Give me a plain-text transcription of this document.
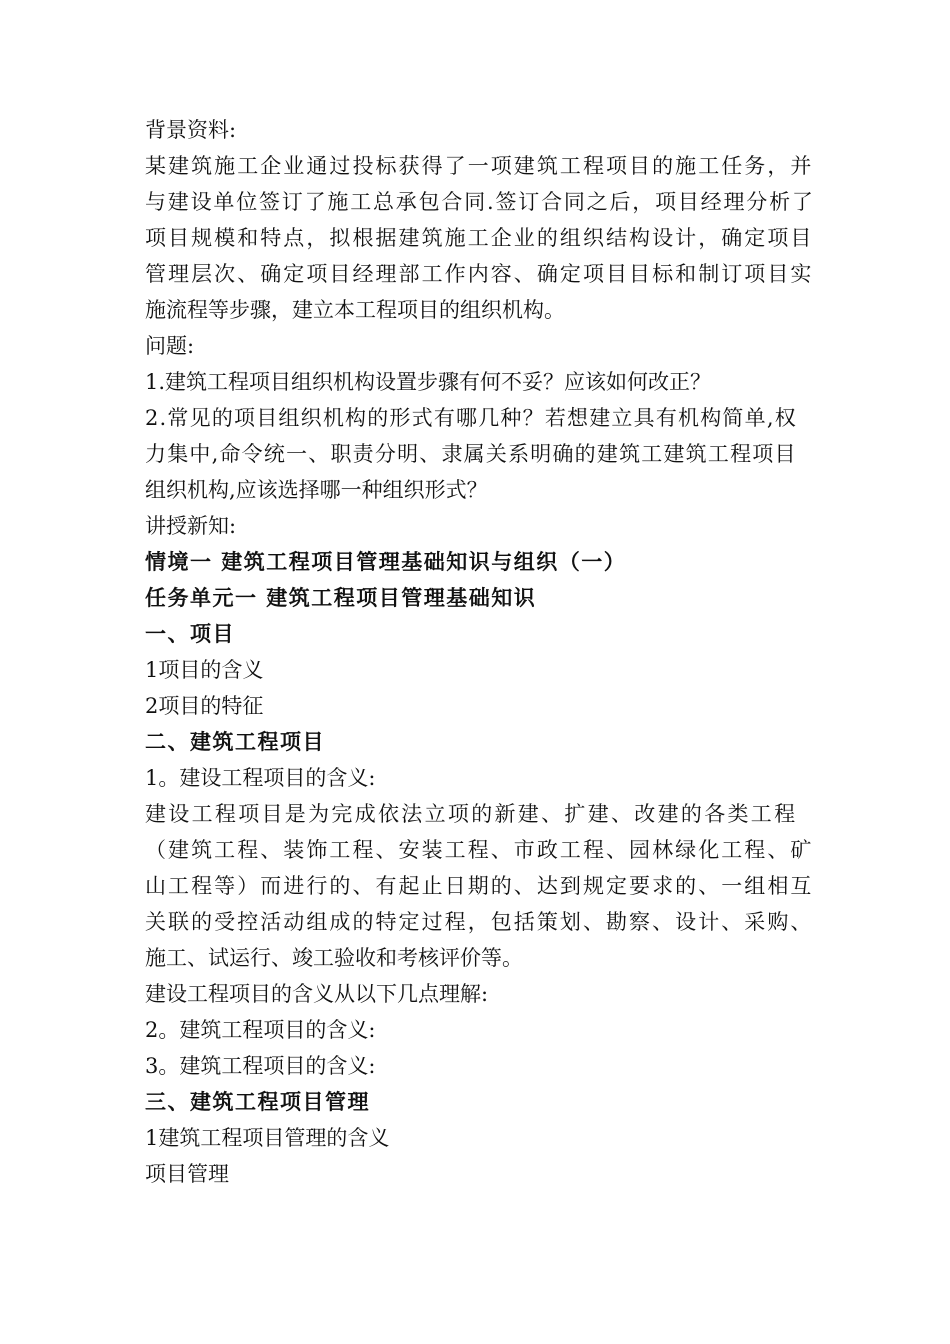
背景资料:

某建筑施工企业通过投标获得了一项建筑工程项目的施工任务，并

与建设单位签订了施工总承包合同.签订合同之后，项目经理分析了

项目规模和特点，拟根据建筑施工企业的组织结构设计，确定项目

管理层次、确定项目经理部工作内容、确定项目目标和制订项目实

施流程等步骤，建立本工程项目的组织机构。

问题:

1.建筑工程项目组织机构设置步骤有何不妥？应该如何改正？

2.常见的项目组织机构的形式有哪几种？若想建立具有机构简单,权

力集中,命令统一、职责分明、隶属关系明确的建筑工建筑工程项目

组织机构,应该选择哪一种组织形式？

讲授新知:

情境一 建筑工程项目管理基础知识与组织（一）

任务单元一 建筑工程项目管理基础知识

一、项目

1项目的含义

2项目的特征

二、建筑工程项目

1。建设工程项目的含义:

建设工程项目是为完成依法立项的新建、扩建、改建的各类工程

（建筑工程、装饰工程、安装工程、市政工程、园林绿化工程、矿

山工程等）而进行的、有起止日期的、达到规定要求的、一组相互

关联的受控活动组成的特定过程，包括策划、勘察、设计、采购、

施工、试运行、竣工验收和考核评价等。

建设工程项目的含义从以下几点理解:

2。建筑工程项目的含义:

3。建筑工程项目的含义:

三、建筑工程项目管理

1建筑工程项目管理的含义

项目管理
